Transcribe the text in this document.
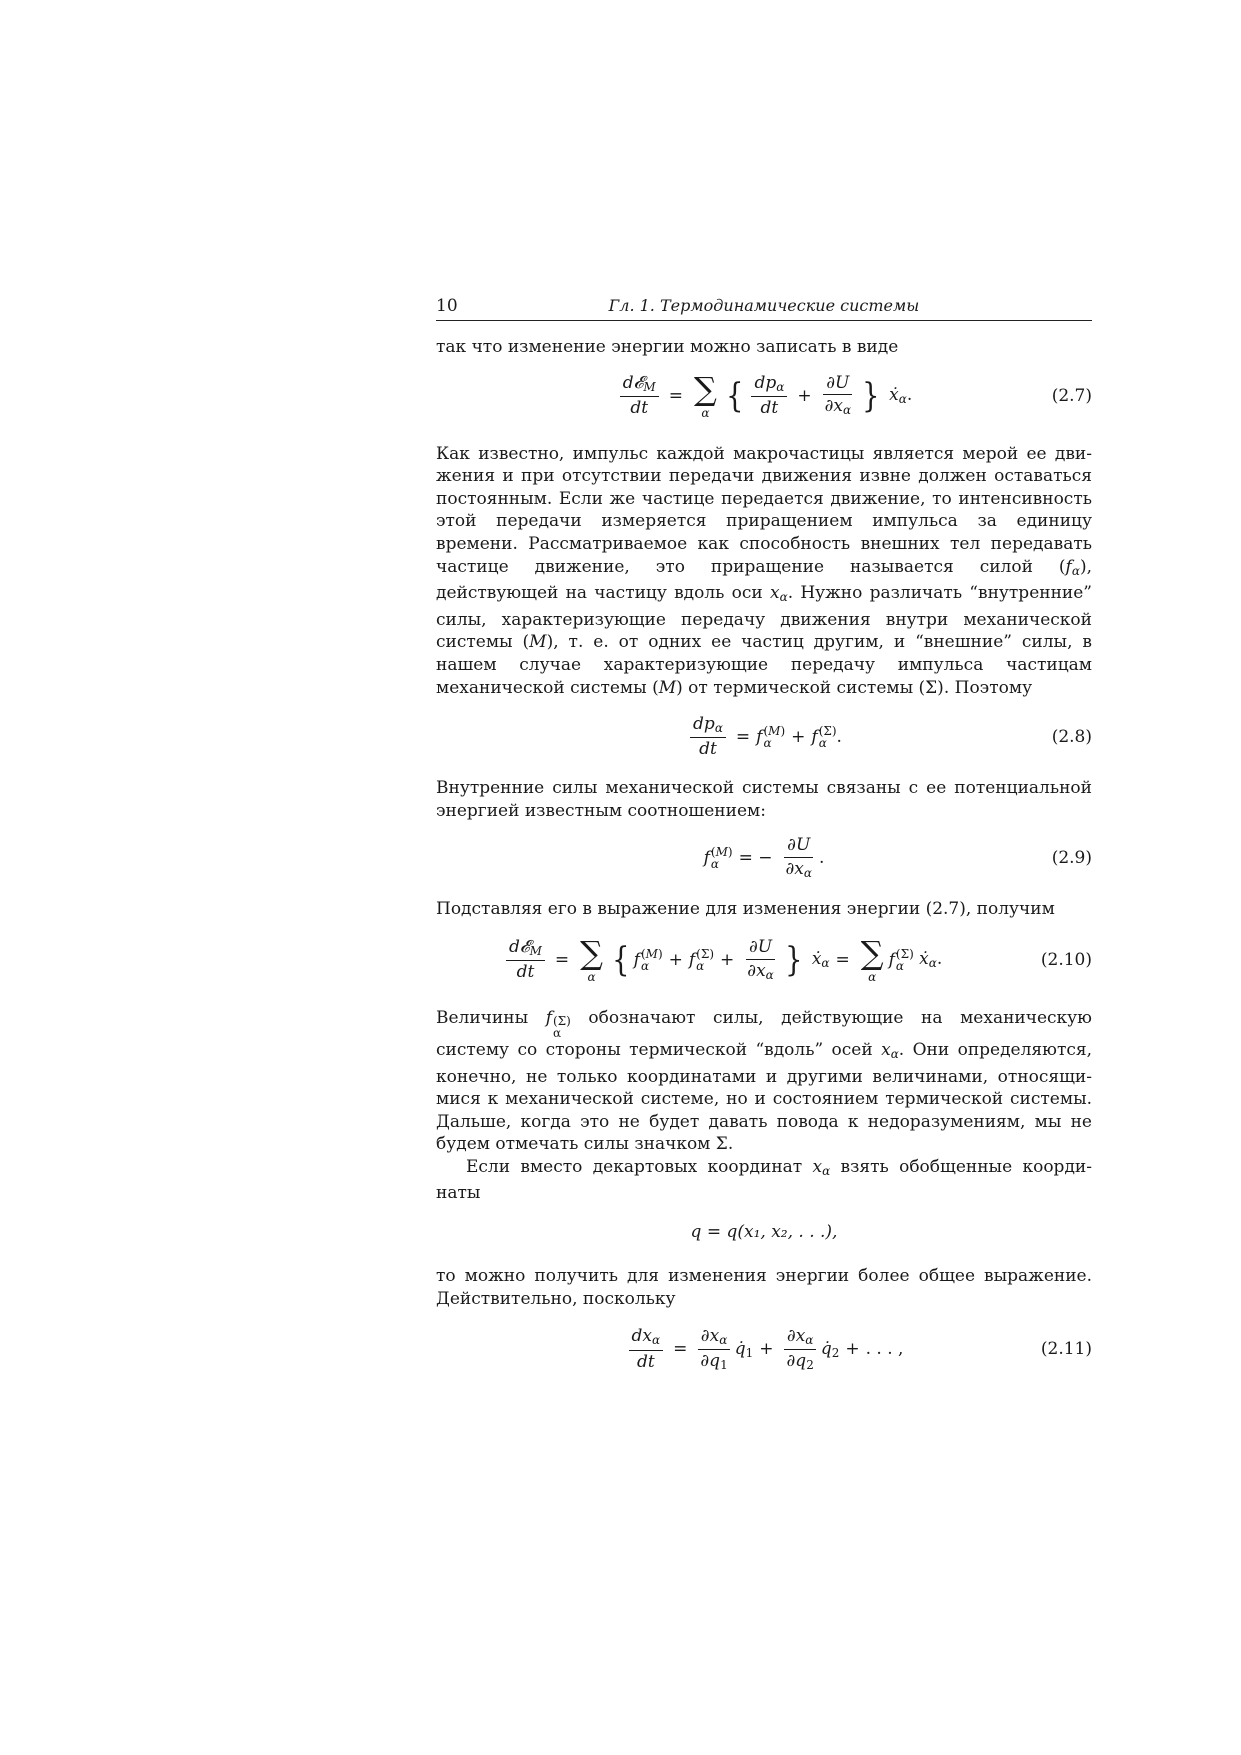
10	Гл. 1. Термодинамические системы

так что изменение энергии можно записать в виде

d𝓔$_M$
dt
= ∑
α { $dp_\alpha$
dt
+ $\frac{\partial U}{\partial x_\alpha}$ } ẋ$_\alpha$.	(2.7)

Как известно, импульс каждой макрочастицы является мерой ее движения и при отсутствии передачи движения извне должен оставаться постоянным. Если же частице передается движение, то интенсивность этой передачи измеряется приращением импульса за единицу времени. Рассматриваемое как способность внешних тел передавать частице движение, это приращение называется силой $(f_\alpha)$, действующей на частицу вдоль оси $x_\alpha$. Нужно различать “внутренние” силы, характеризующие передачу движения внутри механической системы (M), т. е. от одних ее частиц другим, и “внешние” силы, в нашем случае характеризующие передачу импульса частицам механической системы (M) от термической системы (Σ). Поэтому

$dp_\alpha$
dt
= f (M)
α	+ f (Σ)
α .	(2.8)

Внутренние силы механической системы связаны с ее потенциальной энергией известным соотношением:

f (M)
α	= − $\frac{\partial U}{\partial x_\alpha}$ .	(2.9)

Подставляя его в выражение для изменения энергии (2.7), получим

d𝓔$_M$
dt
= ∑
α { f (M)
α	+ f (Σ)
$\alpha + \frac{\partial U}{\partial x_\alpha}$ } ẋ$_\alpha$ = ∑
α
f (Σ)
α ẋ$_\alpha$.	(2.10)

Величины f (Σ)
α
обозначают силы, действующие на механическую систему со стороны термической “вдоль” осей $x_\alpha$. Они определяются, конечно, не только координатами и другими величинами, относящимися к механической системе, но и состоянием термической системы. Дальше, когда это не будет давать повода к недоразумениям, мы не будем отмечать силы значком Σ.

Если вместо декартовых координат $x_\alpha$ взять обобщенные координаты

q = q(x₁, x₂, . . .),

то можно получить для изменения энергии более общее выражение. Действительно, поскольку

$dx_\alpha$
dt
= $\frac{\partial x_\alpha}{\partial q_1}$ $q̇_1 + \frac{\partial x_\alpha}{\partial q_2}$ $q̇_2$ + . . . ,	(2.11)
